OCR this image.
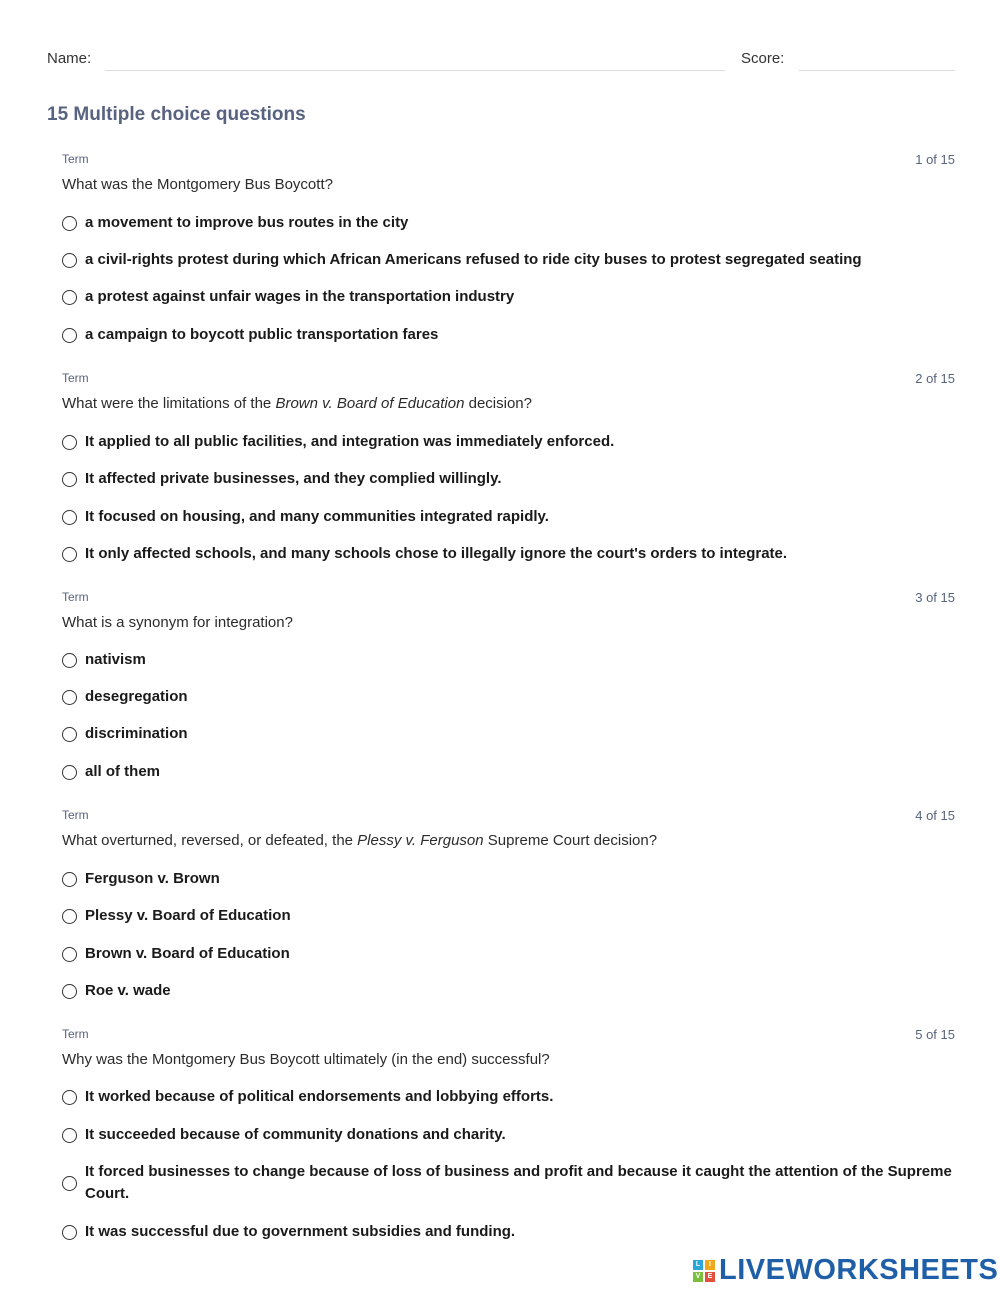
Name:	Score:
15 Multiple choice questions
Term	1 of 15
What was the Montgomery Bus Boycott?
a movement to improve bus routes in the city
a civil-rights protest during which African Americans refused to ride city buses to protest segregated seating
a protest against unfair wages in the transportation industry
a campaign to boycott public transportation fares
Term	2 of 15
What were the limitations of the Brown v. Board of Education decision?
It applied to all public facilities, and integration was immediately enforced.
It affected private businesses, and they complied willingly.
It focused on housing, and many communities integrated rapidly.
It only affected schools, and many schools chose to illegally ignore the court's orders to integrate.
Term	3 of 15
What is a synonym for integration?
nativism
desegregation
discrimination
all of them
Term	4 of 15
What overturned, reversed, or defeated, the Plessy v. Ferguson Supreme Court decision?
Ferguson v. Brown
Plessy v. Board of Education
Brown v. Board of Education
Roe v. wade
Term	5 of 15
Why was the Montgomery Bus Boycott ultimately (in the end) successful?
It worked because of political endorsements and lobbying efforts.
It succeeded because of community donations and charity.
It forced businesses to change because of loss of business and profit and because it caught the attention of the Supreme Court.
It was successful due to government subsidies and funding.
L	I
V	E LIVEWORKSHEETS
